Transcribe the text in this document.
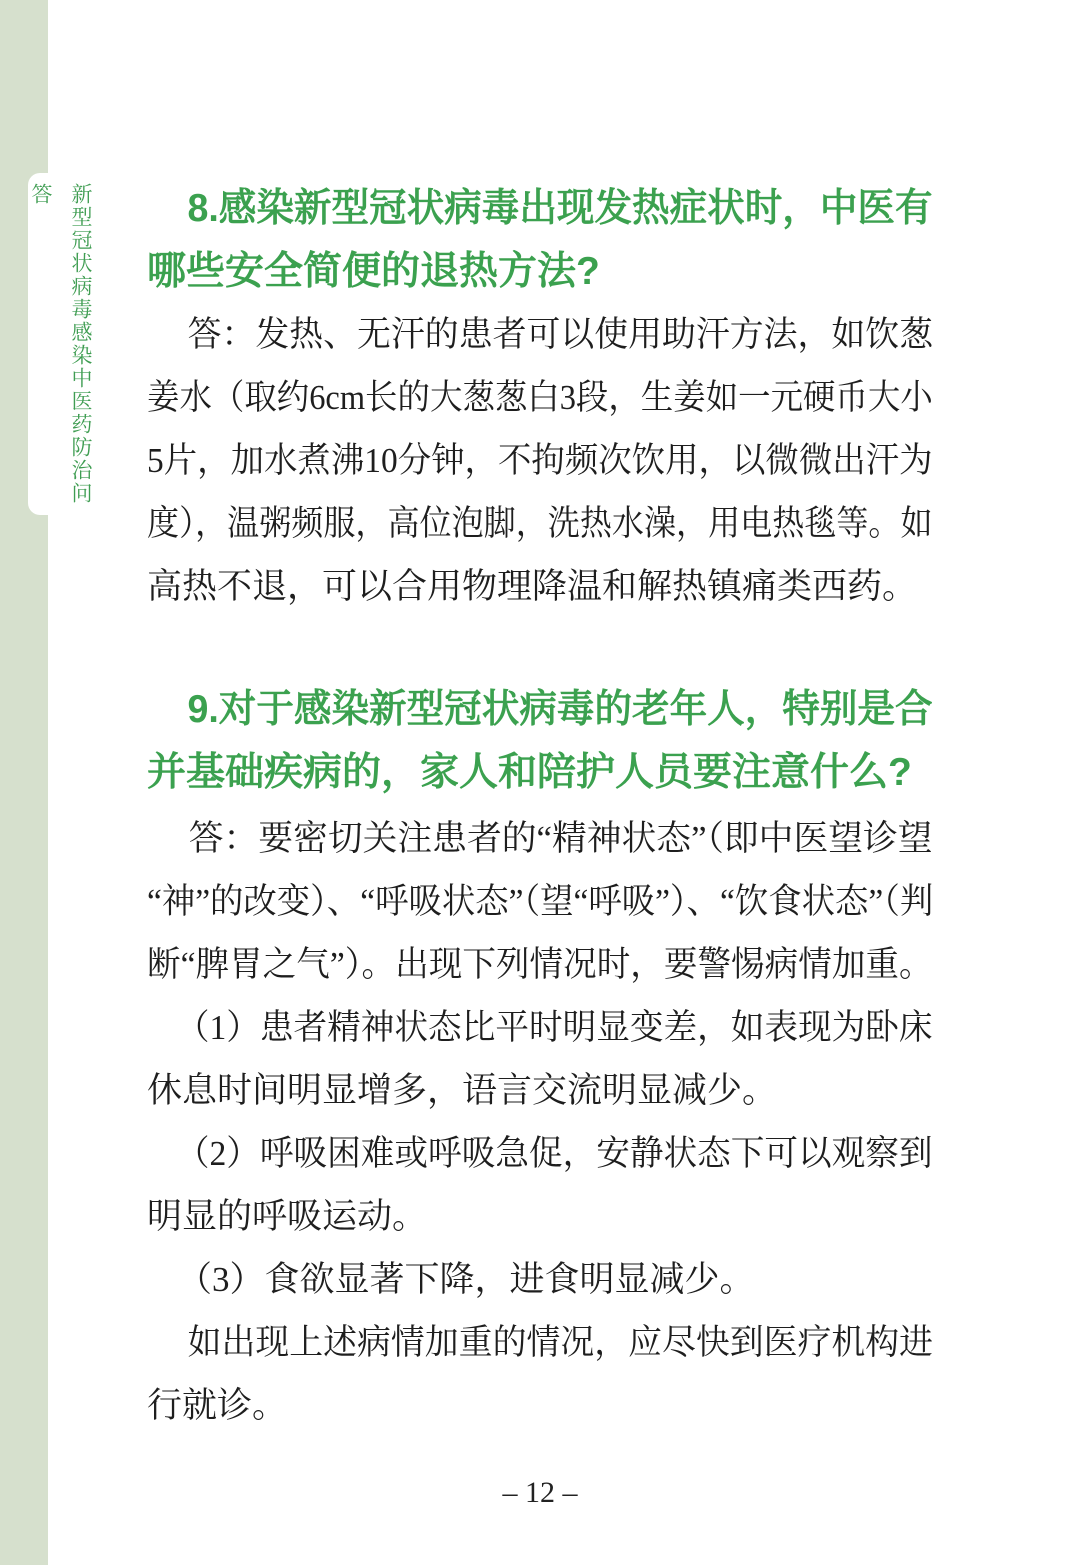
新型冠状病毒感染中医药防治问答	8.感染新型冠状病毒出现发热症状时，中医有
哪些安全简便的退热方法?
答：发热、无汗的患者可以使用助汗方法，如饮葱
姜水（取约6cm长的大葱葱白3段，生姜如一元硬币大小
5片，加水煮沸10分钟，不拘频次饮用，以微微出汗为
度），温粥频服，高位泡脚，洗热水澡，用电热毯等。如
高热不退，可以合用物理降温和解热镇痛类西药。
9.对于感染新型冠状病毒的老年人，特别是合
并基础疾病的，家人和陪护人员要注意什么?
答：要密切关注患者的“精神状态”（即中医望诊望
“神”的改变）、“呼吸状态”（望“呼吸”）、“饮食状态”（判
断“脾胃之气”）。出现下列情况时，要警惕病情加重。
（1）患者精神状态比平时明显变差，如表现为卧床
休息时间明显增多，语言交流明显减少。
（2）呼吸困难或呼吸急促，安静状态下可以观察到
明显的呼吸运动。
（3）食欲显著下降，进食明显减少。
如出现上述病情加重的情况，应尽快到医疗机构进
行就诊。
– 12 –
